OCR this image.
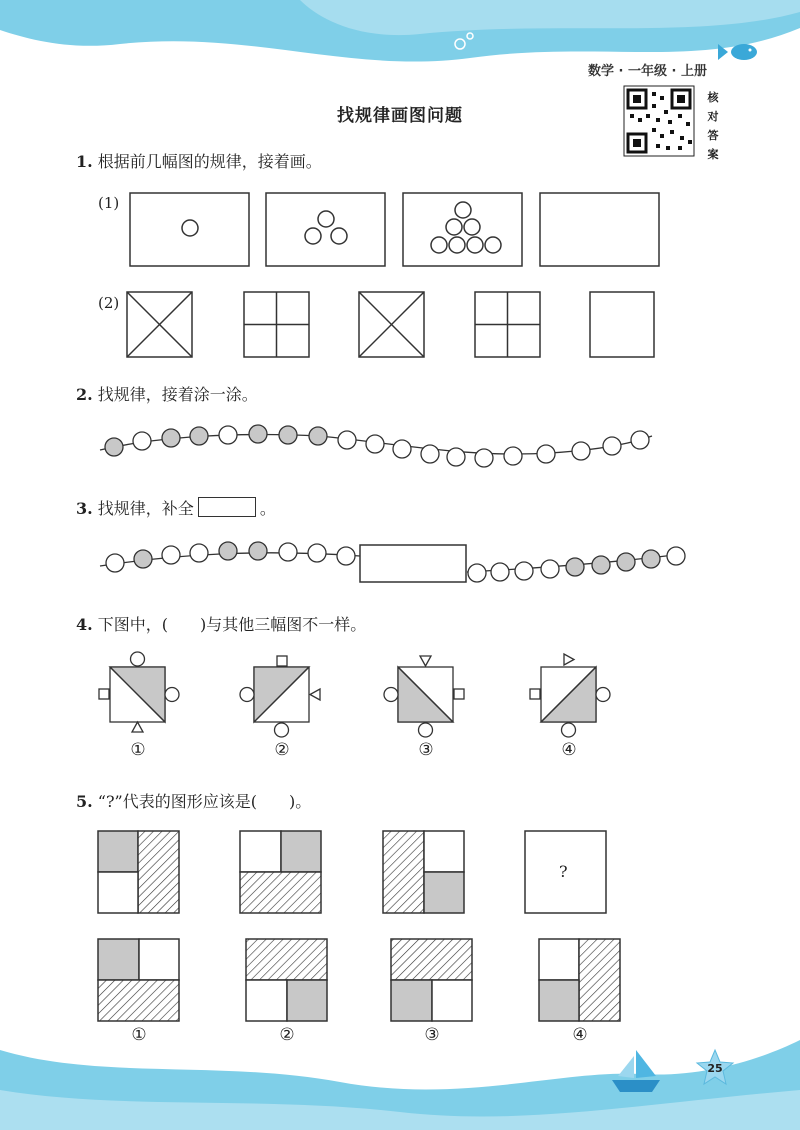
数学 · 一年级 · 上册
核对答案
找规律画图问题
1. 根据前几幅图的规律，接着画。
(1)
(2)
2. 找规律，接着涂一涂。
3. 找规律，补全	。
4. 下图中，(　　)与其他三幅图不一样。
①	②	③	④
5. “?”代表的图形应该是(　　)。
?
①	②	③	④
25
